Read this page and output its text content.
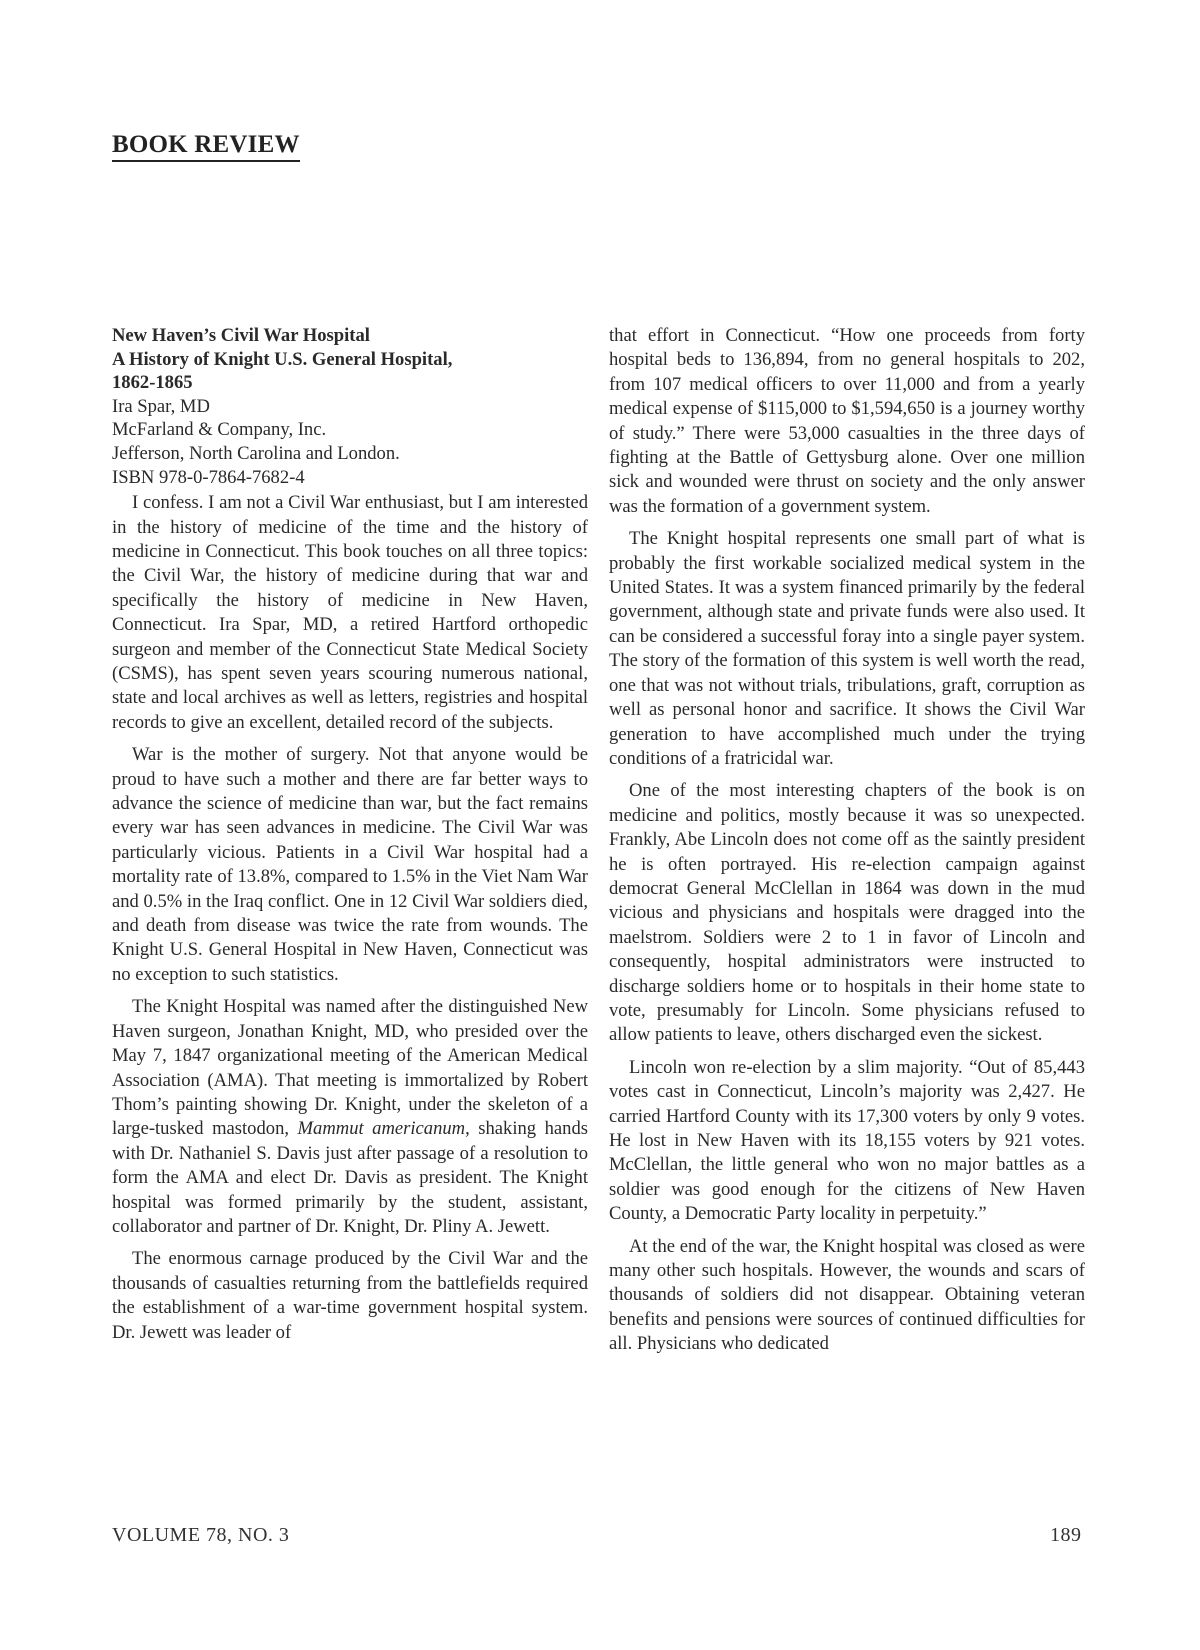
BOOK REVIEW
New Haven’s Civil War Hospital
A History of Knight U.S. General Hospital,
1862-1865
Ira Spar, MD
McFarland & Company, Inc.
Jefferson, North Carolina and London.
ISBN 978-0-7864-7682-4

I confess. I am not a Civil War enthusiast, but I am interested in the history of medicine of the time and the history of medicine in Connecticut. This book touches on all three topics: the Civil War, the history of medicine during that war and specifically the history of medicine in New Haven, Connecticut. Ira Spar, MD, a retired Hartford orthopedic surgeon and member of the Connecticut State Medical Society (CSMS), has spent seven years scouring numerous national, state and local archives as well as letters, registries and hospital records to give an excellent, detailed record of the subjects.

War is the mother of surgery. Not that anyone would be proud to have such a mother and there are far better ways to advance the science of medicine than war, but the fact remains every war has seen advances in medicine. The Civil War was particularly vicious. Patients in a Civil War hospital had a mortality rate of 13.8%, compared to 1.5% in the Viet Nam War and 0.5% in the Iraq conflict. One in 12 Civil War soldiers died, and death from disease was twice the rate from wounds. The Knight U.S. General Hospital in New Haven, Connecticut was no exception to such statistics.

The Knight Hospital was named after the distinguished New Haven surgeon, Jonathan Knight, MD, who presided over the May 7, 1847 organizational meeting of the American Medical Association (AMA). That meeting is immortalized by Robert Thom’s painting showing Dr. Knight, under the skeleton of a large-tusked mastodon, Mammut americanum, shaking hands with Dr. Nathaniel S. Davis just after passage of a resolution to form the AMA and elect Dr. Davis as president. The Knight hospital was formed primarily by the student, assistant, collaborator and partner of Dr. Knight, Dr. Pliny A. Jewett.

The enormous carnage produced by the Civil War and the thousands of casualties returning from the battlefields required the establishment of a war-time government hospital system. Dr. Jewett was leader of

that effort in Connecticut. “How one proceeds from forty hospital beds to 136,894, from no general hospitals to 202, from 107 medical officers to over 11,000 and from a yearly medical expense of $115,000 to $1,594,650 is a journey worthy of study.” There were 53,000 casualties in the three days of fighting at the Battle of Gettysburg alone. Over one million sick and wounded were thrust on society and the only answer was the formation of a government system.

The Knight hospital represents one small part of what is probably the first workable socialized medical system in the United States. It was a system financed primarily by the federal government, although state and private funds were also used. It can be considered a successful foray into a single payer system. The story of the formation of this system is well worth the read, one that was not without trials, tribulations, graft, corruption as well as personal honor and sacrifice. It shows the Civil War generation to have accomplished much under the trying conditions of a fratricidal war.

One of the most interesting chapters of the book is on medicine and politics, mostly because it was so unexpected. Frankly, Abe Lincoln does not come off as the saintly president he is often portrayed. His re-election campaign against democrat General McClellan in 1864 was down in the mud vicious and physicians and hospitals were dragged into the maelstrom. Soldiers were 2 to 1 in favor of Lincoln and consequently, hospital administrators were instructed to discharge soldiers home or to hospitals in their home state to vote, presumably for Lincoln. Some physicians refused to allow patients to leave, others discharged even the sickest.

Lincoln won re-election by a slim majority. “Out of 85,443 votes cast in Connecticut, Lincoln’s majority was 2,427. He carried Hartford County with its 17,300 voters by only 9 votes. He lost in New Haven with its 18,155 voters by 921 votes. McClellan, the little general who won no major battles as a soldier was good enough for the citizens of New Haven County, a Democratic Party locality in perpetuity.”

At the end of the war, the Knight hospital was closed as were many other such hospitals. However, the wounds and scars of thousands of soldiers did not disappear. Obtaining veteran benefits and pensions were sources of continued difficulties for all. Physicians who dedicated

VOLUME 78, NO. 3	189
